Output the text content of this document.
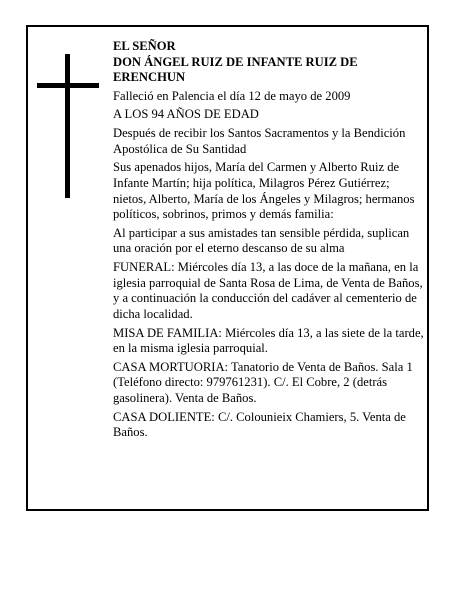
EL SEÑOR
DON ÁNGEL RUIZ DE INFANTE RUIZ DE ERENCHUN

Falleció en Palencia el día 12 de mayo de 2009

A LOS 94 AÑOS DE EDAD

Después de recibir los Santos Sacramentos y la Bendición Apostólica de Su Santidad

Sus apenados hijos, María del Carmen y Alberto Ruiz de Infante Martín; hija política, Milagros Pérez Gutiérrez; nietos, Alberto, María de los Ángeles y Milagros; hermanos políticos, sobrinos, primos y demás familia:

Al participar a sus amistades tan sensible pérdida, suplican una oración por el eterno descanso de su alma

FUNERAL: Miércoles día 13, a las doce de la mañana, en la iglesia parroquial de Santa Rosa de Lima, de Venta de Baños, y a continuación la conducción del cadáver al cementerio de dicha localidad.

MISA DE FAMILIA: Miércoles día 13, a las siete de la tarde, en la misma iglesia parroquial.

CASA MORTUORIA: Tanatorio de Venta de Baños. Sala 1 (Teléfono directo: 979761231). C/. El Cobre, 2 (detrás gasolinera). Venta de Baños.

CASA DOLIENTE: C/. Colounieix Chamiers, 5. Venta de Baños.
